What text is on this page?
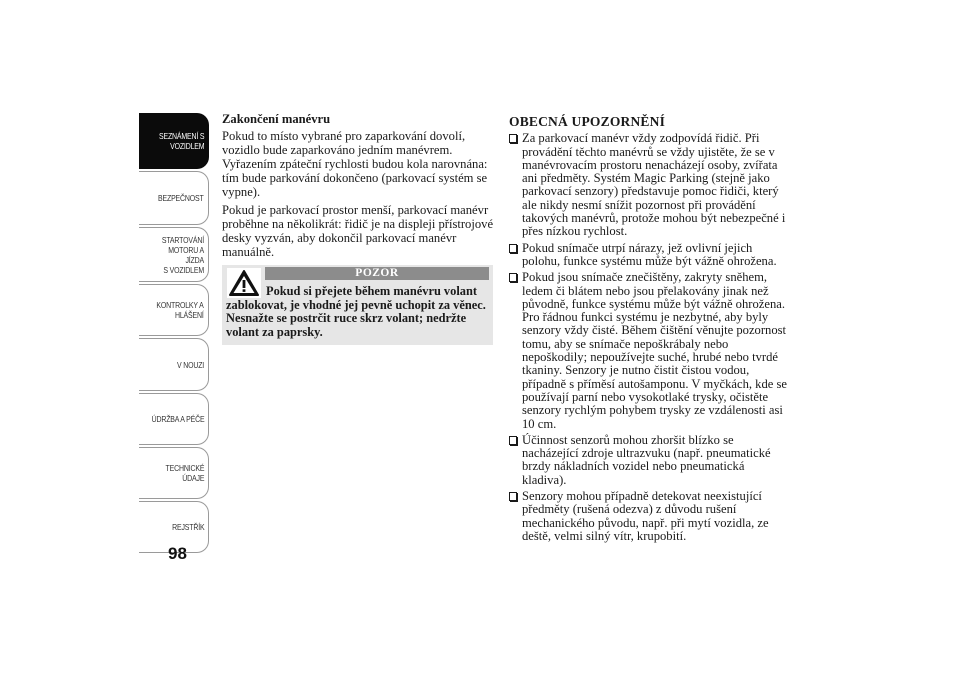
SEZNÁMENÍ S
VOZIDLEM
BEZPEČNOST
STARTOVÁNÍ
MOTORU A JÍZDA
S VOZIDLEM
KONTROLKY A
HLÁŠENÍ
V NOUZI
ÚDRŽBA A PÉČE
TECHNICKÉ
ÚDAJE
REJSTŘÍK
98
Zakončení manévru

Pokud to místo vybrané pro zaparkování dovolí, vozidlo bude zaparkováno jedním manévrem. Vyřazením zpáteční rychlosti budou kola narovnána: tím bude parkování dokončeno (parkovací systém se vypne).

Pokud je parkovací prostor menší, parkovací manévr proběhne na několikrát: řidič je na displeji přístrojové desky vyzván, aby dokončil parkovací manévr manuálně.

POZOR
Pokud si přejete během manévru volant zablokovat, je vhodné jej pevně uchopit za věnec. Nesnažte se postrčit ruce skrz volant; nedržte volant za paprsky.
OBECNÁ UPOZORNĚNÍ
Za parkovací manévr vždy zodpovídá řidič. Při provádění těchto manévrů se vždy ujistěte, že se v manévrovacím prostoru nenacházejí osoby, zvířata ani předměty. Systém Magic Parking (stejně jako parkovací senzory) představuje pomoc řidiči, který ale nikdy nesmí snížit pozornost při provádění takových manévrů, protože mohou být nebezpečné i přes nízkou rychlost.
Pokud snímače utrpí nárazy, jež ovlivní jejich polohu, funkce systému může být vážně ohrožena.
Pokud jsou snímače znečištěny, zakryty sněhem, ledem či blátem nebo jsou přelakovány jinak než původně, funkce systému může být vážně ohrožena. Pro řádnou funkci systému je nezbytné, aby byly senzory vždy čisté. Během čištění věnujte pozornost tomu, aby se snímače nepoškrábaly nebo nepoškodily; nepoužívejte suché, hrubé nebo tvrdé tkaniny. Senzory je nutno čistit čistou vodou, případně s příměsí autošamponu. V myčkách, kde se používají parní nebo vysokotlaké trysky, očistěte senzory rychlým pohybem trysky ze vzdálenosti asi 10 cm.
Účinnost senzorů mohou zhoršit blízko se nacházející zdroje ultrazvuku (např. pneumatické brzdy nákladních vozidel nebo pneumatická kladiva).
Senzory mohou případně detekovat neexistující předměty (rušená odezva) z důvodu rušení mechanického původu, např. při mytí vozidla, ze deště, velmi silný vítr, krupobití.
